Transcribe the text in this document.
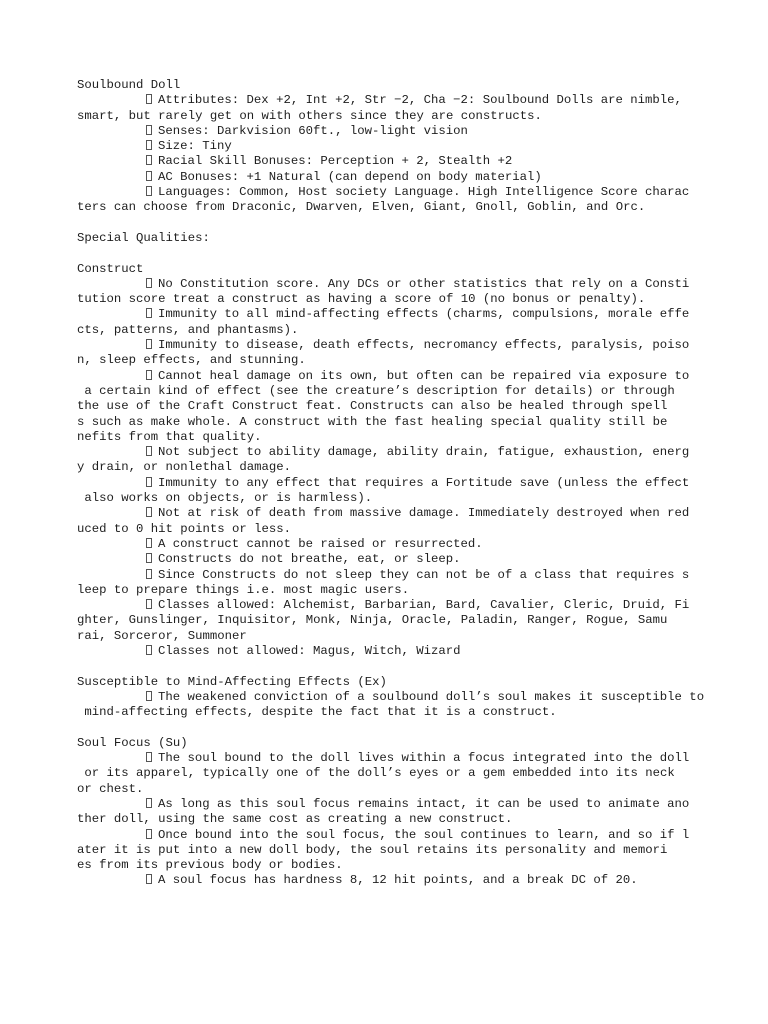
Soulbound Doll
Attributes: Dex +2, Int +2, Str −2, Cha −2: Soulbound Dolls are nimble,
smart, but rarely get on with others since they are constructs.
Senses: Darkvision 60ft., low-light vision
Size: Tiny
Racial Skill Bonuses: Perception + 2, Stealth +2
AC Bonuses: +1 Natural (can depend on body material)
Languages: Common, Host society Language. High Intelligence Score charac
ters can choose from Draconic, Dwarven, Elven, Giant, Gnoll, Goblin, and Orc.
Special Qualities:
Construct
No Constitution score. Any DCs or other statistics that rely on a Consti
tution score treat a construct as having a score of 10 (no bonus or penalty).
Immunity to all mind-affecting effects (charms, compulsions, morale effe
cts, patterns, and phantasms).
Immunity to disease, death effects, necromancy effects, paralysis, poiso
n, sleep effects, and stunning.
Cannot heal damage on its own, but often can be repaired via exposure to
a certain kind of effect (see the creature’s description for details) or through
the use of the Craft Construct feat. Constructs can also be healed through spell
s such as make whole. A construct with the fast healing special quality still be
nefits from that quality.
Not subject to ability damage, ability drain, fatigue, exhaustion, energ
y drain, or nonlethal damage.
Immunity to any effect that requires a Fortitude save (unless the effect
also works on objects, or is harmless).
Not at risk of death from massive damage. Immediately destroyed when red
uced to 0 hit points or less.
A construct cannot be raised or resurrected.
Constructs do not breathe, eat, or sleep.
Since Constructs do not sleep they can not be of a class that requires s
leep to prepare things i.e. most magic users.
Classes allowed: Alchemist, Barbarian, Bard, Cavalier, Cleric, Druid, Fi
ghter, Gunslinger, Inquisitor, Monk, Ninja, Oracle, Paladin, Ranger, Rogue, Samu
rai, Sorceror, Summoner
Classes not allowed: Magus, Witch, Wizard
Susceptible to Mind-Affecting Effects (Ex)
The weakened conviction of a soulbound doll’s soul makes it susceptible to
mind-affecting effects, despite the fact that it is a construct.
Soul Focus (Su)
The soul bound to the doll lives within a focus integrated into the doll
or its apparel, typically one of the doll’s eyes or a gem embedded into its neck
or chest.
As long as this soul focus remains intact, it can be used to animate ano
ther doll, using the same cost as creating a new construct.
Once bound into the soul focus, the soul continues to learn, and so if l
ater it is put into a new doll body, the soul retains its personality and memori
es from its previous body or bodies.
A soul focus has hardness 8, 12 hit points, and a break DC of 20.
